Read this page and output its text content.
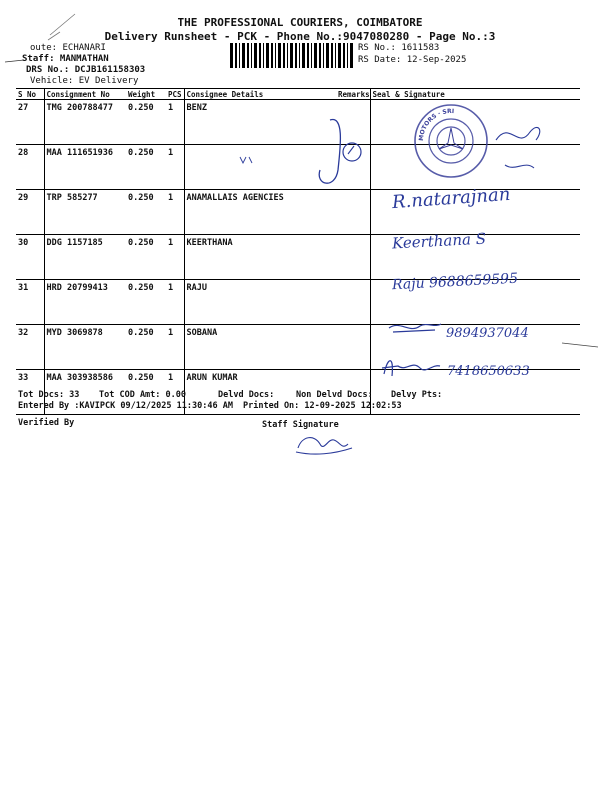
THE PROFESSIONAL COURIERS, COIMBATORE
Delivery Runsheet - PCK - Phone No.:9047080280 - Page No.:3
oute: ECHANARI
Staff: MANMATHAN
DRS No.: DCJB161158303
Vehicle: EV Delivery
RS No.: 1611583
RS Date: 12-Sep-2025
S No	Consignment No	Weight	PCS	Consignee Details	Remarks	Seal & Signature
27	TMG 200788477	0.250	1	BENZ		
28	MAA 111651936	0.250	1			
29	TRP 585277	0.250	1	ANAMALLAIS AGENCIES		
30	DDG 1157185	0.250	1	KEERTHANA		
31	HRD 20799413	0.250	1	RAJU		
32	MYD 3069878	0.250	1	SOBANA		
33	MAA 303938586	0.250	1	ARUN KUMAR		
MOTORS · SRI
R.natarajnan
Keerthana S
Raju 9688659595
9894937044
7418650633
Tot Docs: 33 Tot COD Amt: 0.00	Delvd Docs:	Non Delvd Docs: Delvy Pts:
Entered By :KAVIPCK 09/12/2025 11:30:46 AM Printed On: 12-09-2025 12:02:53
Verified By	Staff Signature
